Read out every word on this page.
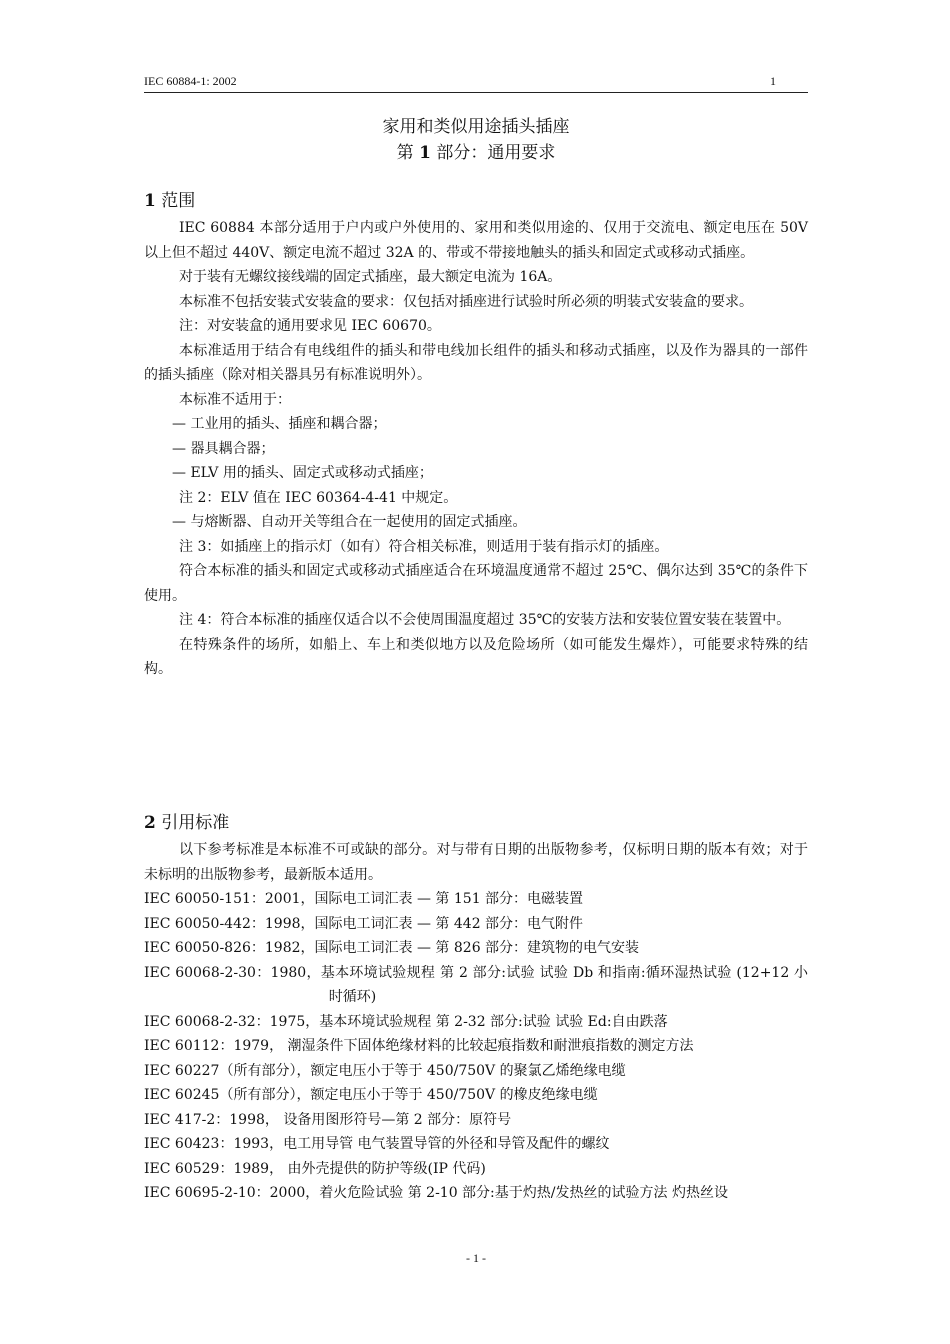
IEC 60884-1: 2002	1
家用和类似用途插头插座
第 1 部分：通用要求
1 范围

IEC 60884 本部分适用于户内或户外使用的、家用和类似用途的、仅用于交流电、额定电压在 50V 以上但不超过 440V、额定电流不超过 32A 的、带或不带接地触头的插头和固定式或移动式插座。

对于装有无螺纹接线端的固定式插座，最大额定电流为 16A。

本标准不包括安装式安装盒的要求：仅包括对插座进行试验时所必须的明装式安装盒的要求。

注：对安装盒的通用要求见 IEC 60670。

本标准适用于结合有电线组件的插头和带电线加长组件的插头和移动式插座，以及作为器具的一部件的插头插座（除对相关器具另有标准说明外）。

本标准不适用于：

— 工业用的插头、插座和耦合器；

— 器具耦合器；

— ELV 用的插头、固定式或移动式插座；

注 2：ELV 值在 IEC 60364-4-41 中规定。

— 与熔断器、自动开关等组合在一起使用的固定式插座。

注 3：如插座上的指示灯（如有）符合相关标准，则适用于装有指示灯的插座。

符合本标准的插头和固定式或移动式插座适合在环境温度通常不超过 25℃、偶尔达到 35℃的条件下使用。

注 4：符合本标准的插座仅适合以不会使周围温度超过 35℃的安装方法和安装位置安装在装置中。

在特殊条件的场所，如船上、车上和类似地方以及危险场所（如可能发生爆炸），可能要求特殊的结构。

2 引用标准

以下参考标准是本标准不可或缺的部分。对与带有日期的出版物参考，仅标明日期的版本有效；对于未标明的出版物参考，最新版本适用。

IEC 60050-151：2001，国际电工词汇表 — 第 151 部分：电磁装置

IEC 60050-442：1998，国际电工词汇表 — 第 442 部分：电气附件

IEC 60050-826：1982，国际电工词汇表 — 第 826 部分：建筑物的电气安装

IEC 60068-2-30：1980，基本环境试验规程 第 2 部分:试验 试验 Db 和指南:循环湿热试验 (12+12 小时循环)

IEC 60068-2-32：1975，基本环境试验规程 第 2-32 部分:试验 试验 Ed:自由跌落

IEC 60112：1979， 潮湿条件下固体绝缘材料的比较起痕指数和耐泄痕指数的测定方法

IEC 60227（所有部分），额定电压小于等于 450/750V 的聚氯乙烯绝缘电缆

IEC 60245（所有部分），额定电压小于等于 450/750V 的橡皮绝缘电缆

IEC 417-2：1998， 设备用图形符号—第 2 部分：原符号

IEC 60423：1993，电工用导管 电气装置导管的外径和导管及配件的螺纹

IEC 60529：1989， 由外壳提供的防护等级(IP 代码)

IEC 60695-2-10：2000，着火危险试验 第 2-10 部分:基于灼热/发热丝的试验方法 灼热丝设

- 1 -
